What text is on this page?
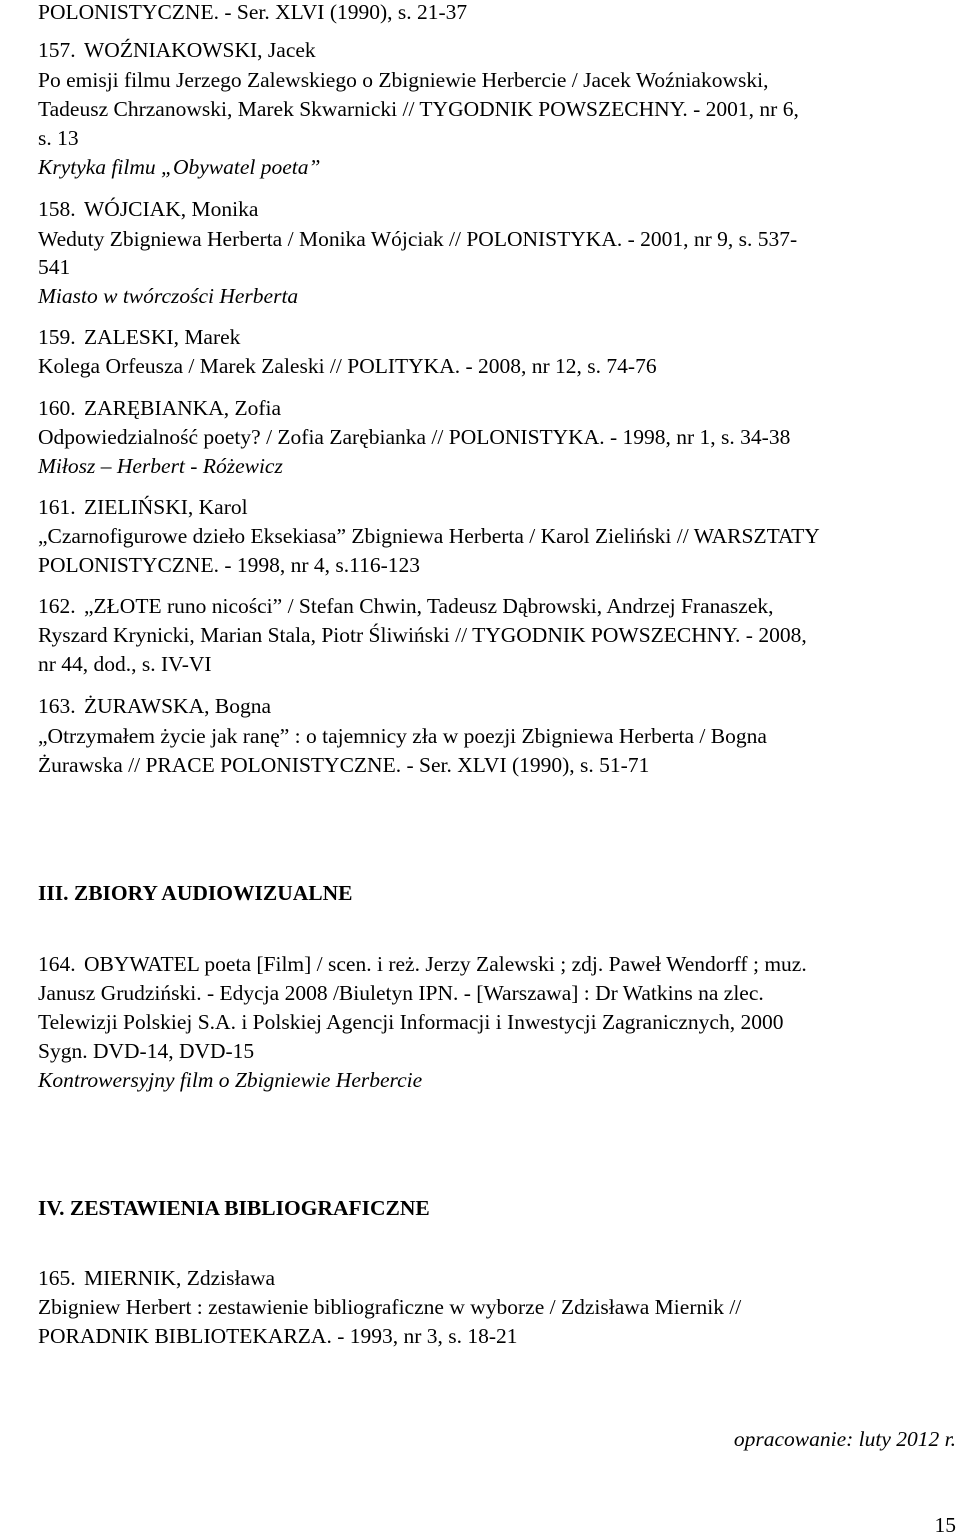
POLONISTYCZNE. - Ser. XLVI (1990), s. 21-37
157. WOŹNIAKOWSKI, Jacek
Po emisji filmu Jerzego Zalewskiego o Zbigniewie Herbercie / Jacek Woźniakowski,
Tadeusz Chrzanowski, Marek Skwarnicki // TYGODNIK POWSZECHNY. - 2001, nr 6,
s. 13
Krytyka filmu „Obywatel poeta”
158. WÓJCIAK, Monika
Weduty Zbigniewa Herberta / Monika Wójciak // POLONISTYKA. - 2001, nr 9, s. 537-
541
Miasto w twórczości Herberta
159. ZALESKI, Marek
Kolega Orfeusza / Marek Zaleski // POLITYKA. - 2008, nr 12, s. 74-76
160. ZARĘBIANKA, Zofia
Odpowiedzialność poety? / Zofia Zarębianka // POLONISTYKA. - 1998, nr 1, s. 34-38
Miłosz – Herbert - Różewicz
161. ZIELIŃSKI, Karol
„Czarnofigurowe dzieło Eksekiasa” Zbigniewa Herberta / Karol Zieliński // WARSZTATY
POLONISTYCZNE. - 1998, nr 4, s.116-123
162. „ZŁOTE runo nicości” / Stefan Chwin, Tadeusz Dąbrowski, Andrzej Franaszek,
Ryszard Krynicki, Marian Stala, Piotr Śliwiński // TYGODNIK POWSZECHNY. - 2008,
nr 44, dod., s. IV-VI
163. ŻURAWSKA, Bogna
„Otrzymałem życie jak ranę” : o tajemnicy zła w poezji Zbigniewa Herberta / Bogna
Żurawska // PRACE POLONISTYCZNE. - Ser. XLVI (1990), s. 51-71
III. ZBIORY AUDIOWIZUALNE
164. OBYWATEL poeta [Film] / scen. i reż. Jerzy Zalewski ; zdj. Paweł Wendorff ; muz.
Janusz Grudziński. - Edycja 2008 /Biuletyn IPN. - [Warszawa] : Dr Watkins na zlec.
Telewizji Polskiej S.A. i Polskiej Agencji Informacji i Inwestycji Zagranicznych, 2000
Sygn. DVD-14, DVD-15
Kontrowersyjny film o Zbigniewie Herbercie
IV. ZESTAWIENIA BIBLIOGRAFICZNE
165. MIERNIK, Zdzisława
Zbigniew Herbert : zestawienie bibliograficzne w wyborze / Zdzisława Miernik //
PORADNIK BIBLIOTEKARZA. - 1993, nr 3, s. 18-21
opracowanie: luty 2012 r.
15
